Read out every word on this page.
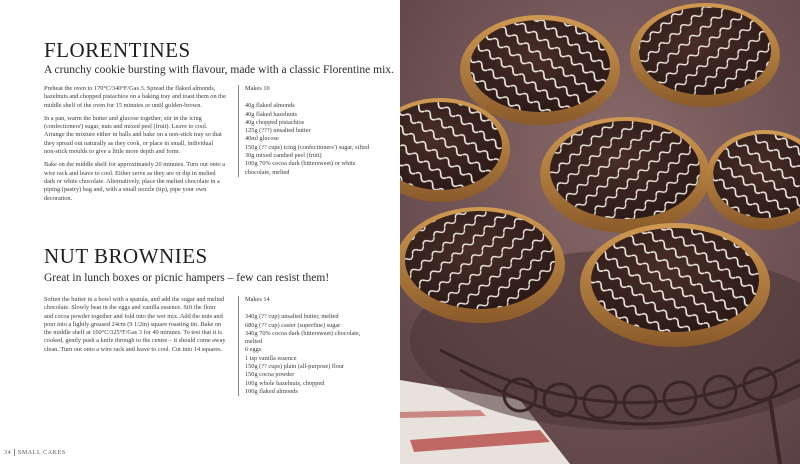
FLORENTINES

A crunchy cookie bursting with flavour, made with a classic Florentine mix.

Preheat the oven to 170°C/340°F/Gas 3. Spread the flaked almonds, hazelnuts and chopped pistachios on a baking tray and toast them on the middle shelf of the oven for 15 minutes or until golden-brown.

In a pan, warm the butter and glucose together, stir in the icing (confectioners') sugar, nuts and mixed peel (fruit). Leave to cool. Arrange the mixture either in balls and bake on a non-stick tray so that they spread out naturally as they cook, or place in small, individual non-stick moulds to give a little more depth and form.

Bake on the middle shelf for approximately 20 minutes. Turn out onto a wire rack and leave to cool. Either serve as they are or dip in melted dark or white chocolate. Alternatively, place the melted chocolate in a piping (pastry) bag and, with a small nozzle (tip), pipe your own decoration.

Makes 10

40g flaked almonds
40g flaked hazelnuts
40g chopped pistachios
125g (???) unsalted butter
40ml glucose
150g (?? cups) icing (confectioners') sugar, sifted
30g mixed candied peel (fruit)
100g 70% cocoa dark (bittersweet) or white chocolate, melted
NUT BROWNIES

Great in lunch boxes or picnic hampers – few can resist them!

Soften the butter in a bowl with a spatula, and add the sugar and melted chocolate. Slowly beat in the eggs and vanilla essence. Sift the flour and cocoa powder together and fold into the wet mix. Add the nuts and pour into a lightly greased 24cm (9 1/2in) square roasting tin. Bake on the middle shelf at 160°C/325°F/Gas 3 for 40 minutes. To test that it is cooked, gently push a knife through to the centre – it should come away clean. Turn out onto a wire rack and leave to cool. Cut into 14 squares.

Makes 14

340g (?? cup) unsalted butter, melted
680g (?? cup) caster (superfine) sugar
340g 70% cocoa dark (bittersweet) chocolate, melted
6 eggs
1 tsp vanilla essence
150g (?? cups) plain (all-purpose) flour
150g cocoa powder
100g whole hazelnuts, chopped
100g flaked almonds
34 SMALL CAKES
